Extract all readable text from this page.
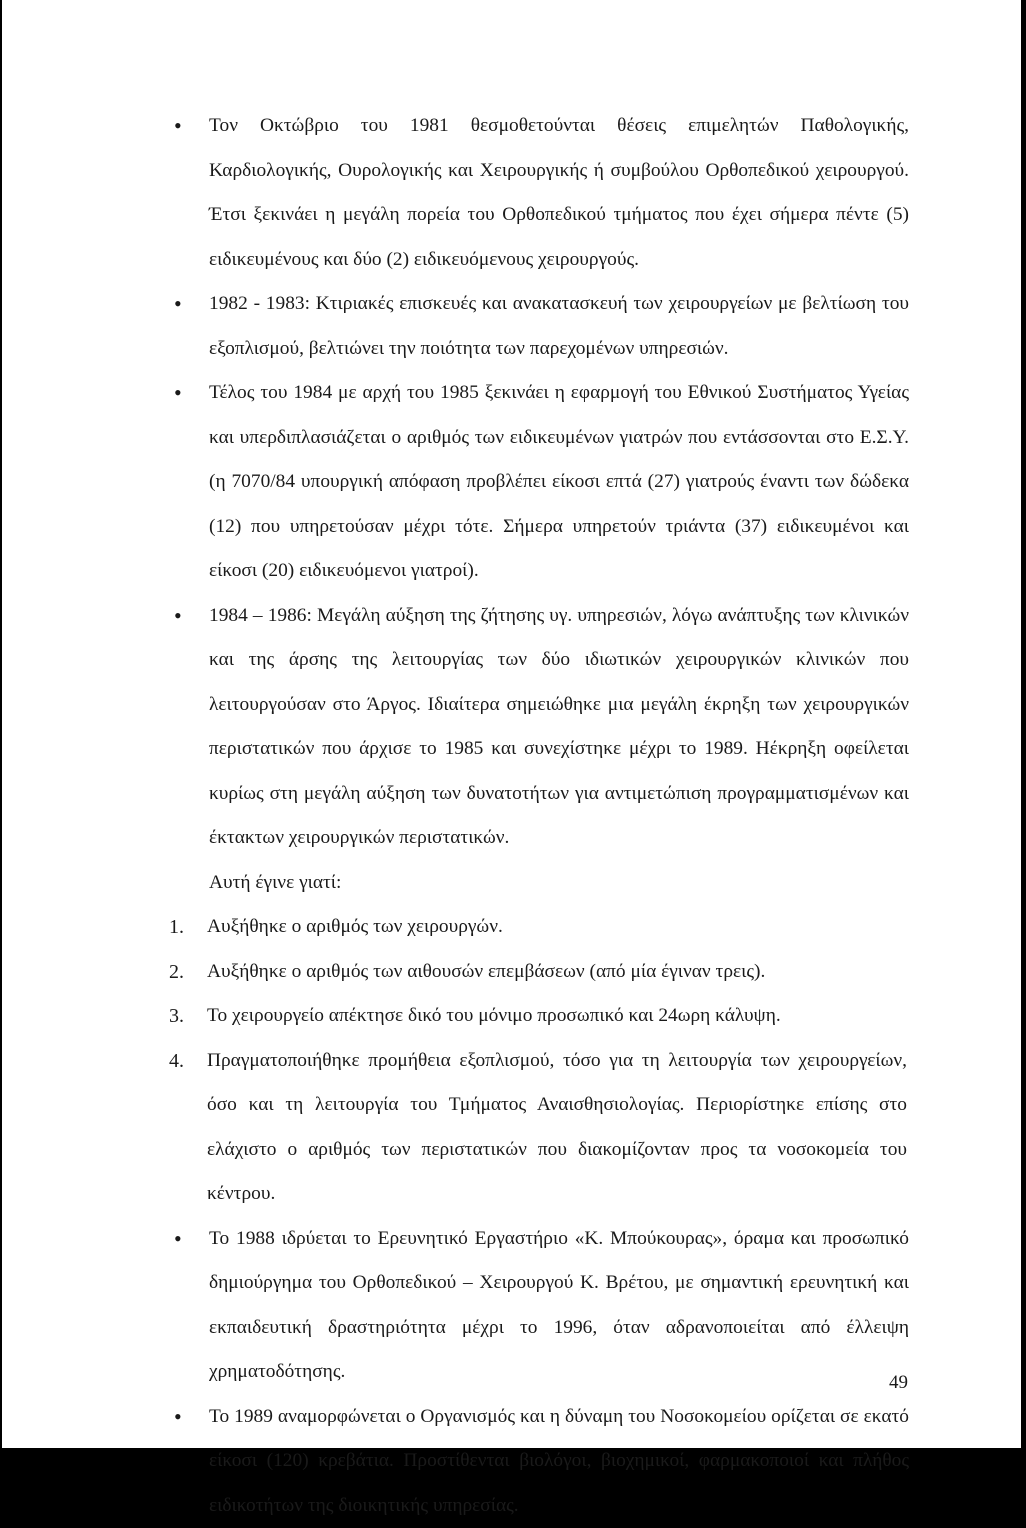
• Τον Οκτώβριο του 1981 θεσμοθετούνται θέσεις επιμελητών Παθολογικής, Καρδιολογικής, Ουρολογικής και Χειρουργικής ή συμβούλου Ορθοπεδικού χειρουργού. Έτσι ξεκινάει η μεγάλη πορεία του Ορθοπεδικού τμήματος που έχει σήμερα πέντε (5) ειδικευμένους και δύο (2) ειδικευόμενους χειρουργούς.

• 1982 - 1983: Κτιριακές επισκευές και ανακατασκευή των χειρουργείων με βελτίωση του εξοπλισμού, βελτιώνει την ποιότητα των παρεχομένων υπηρεσιών.

• Τέλος του 1984 με αρχή του 1985 ξεκινάει η εφαρμογή του Εθνικού Συστήματος Υγείας και υπερδιπλασιάζεται ο αριθμός των ειδικευμένων γιατρών που εντάσσονται στο Ε.Σ.Υ. (η 7070/84 υπουργική απόφαση προβλέπει είκοσι επτά (27) γιατρούς έναντι των δώδεκα (12) που υπηρετούσαν μέχρι τότε. Σήμερα υπηρετούν τριάντα (37) ειδικευμένοι και είκοσι (20) ειδικευόμενοι γιατροί).

• 1984 – 1986: Μεγάλη αύξηση της ζήτησης υγ. υπηρεσιών, λόγω ανάπτυξης των κλινικών και της άρσης της λειτουργίας των δύο ιδιωτικών χειρουργικών κλινικών που λειτουργούσαν στο Άργος. Ιδιαίτερα σημειώθηκε μια μεγάλη έκρηξη των χειρουργικών περιστατικών που άρχισε το 1985 και συνεχίστηκε μέχρι το 1989. Ηέκρηξη οφείλεται κυρίως στη μεγάλη αύξηση των δυνατοτήτων για αντιμετώπιση προγραμματισμένων και έκτακτων χειρουργικών περιστατικών.

Αυτή έγινε γιατί:

1. Αυξήθηκε ο αριθμός των χειρουργών.

2. Αυξήθηκε ο αριθμός των αιθουσών επεμβάσεων (από μία έγιναν τρεις).

3. Το χειρουργείο απέκτησε δικό του μόνιμο προσωπικό και 24ωρη κάλυψη.

4. Πραγματοποιήθηκε προμήθεια εξοπλισμού, τόσο για τη λειτουργία των χειρουργείων, όσο και τη λειτουργία του Τμήματος Αναισθησιολογίας. Περιορίστηκε επίσης στο ελάχιστο ο αριθμός των περιστατικών που διακομίζονταν προς τα νοσοκομεία του κέντρου.

• Το 1988 ιδρύεται το Ερευνητικό Εργαστήριο «Κ. Μπούκουρας», όραμα και προσωπικό δημιούργημα του Ορθοπεδικού – Χειρουργού Κ. Βρέτου, με σημαντική ερευνητική και εκπαιδευτική δραστηριότητα μέχρι το 1996, όταν αδρανοποιείται από έλλειψη χρηματοδότησης.

• Το 1989 αναμορφώνεται ο Οργανισμός και η δύναμη του Νοσοκομείου ορίζεται σε εκατό είκοσι (120) κρεβάτια. Προστίθενται βιολόγοι, βιοχημικοί, φαρμακοποιοί και πλήθος ειδικοτήτων της διοικητικής υπηρεσίας.

49
